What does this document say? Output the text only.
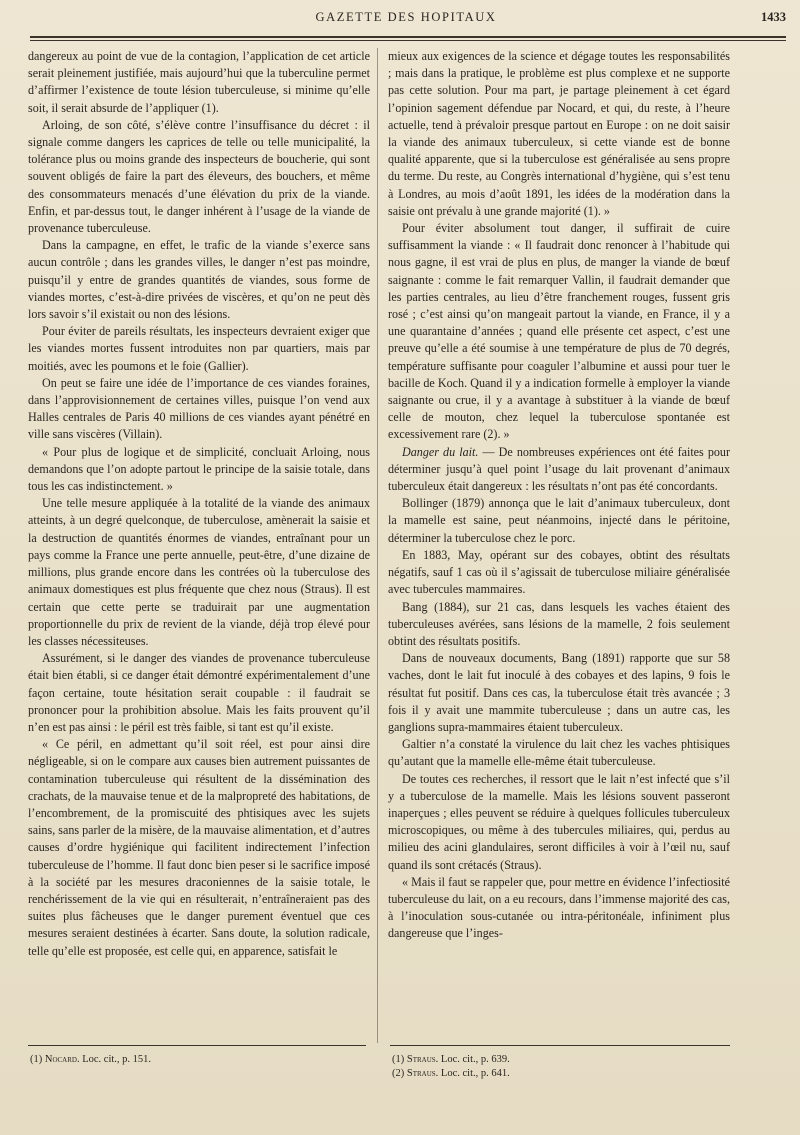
GAZETTE DES HOPITAUX	1433

dangereux au point de vue de la contagion, l’application de cet article serait pleinement justifiée, mais aujourd’hui que la tuberculine permet d’affirmer l’existence de toute lésion tuberculeuse, si minime qu’elle soit, il serait absurde de l’appliquer (1).

Arloing, de son côté, s’élève contre l’insuffisance du décret : il signale comme dangers les caprices de telle ou telle municipalité, la tolérance plus ou moins grande des inspecteurs de boucherie, qui sont souvent obligés de faire la part des éleveurs, des bouchers, et même des consommateurs menacés d’une élévation du prix de la viande. Enfin, et par-dessus tout, le danger inhérent à l’usage de la viande de provenance tuberculeuse.

Dans la campagne, en effet, le trafic de la viande s’exerce sans aucun contrôle ; dans les grandes villes, le danger n’est pas moindre, puisqu’il y entre de grandes quantités de viandes, sous forme de viandes mortes, c’est-à-dire privées de viscères, et qu’on ne peut dès lors savoir s’il existait ou non des lésions.

Pour éviter de pareils résultats, les inspecteurs devraient exiger que les viandes mortes fussent introduites non par quartiers, mais par moitiés, avec les poumons et le foie (Gallier).

On peut se faire une idée de l’importance de ces viandes foraines, dans l’approvisionnement de certaines villes, puisque l’on vend aux Halles centrales de Paris 40 millions de ces viandes ayant pénétré en ville sans viscères (Villain).

« Pour plus de logique et de simplicité, concluait Arloing, nous demandons que l’on adopte partout le principe de la saisie totale, dans tous les cas indistinctement. »

Une telle mesure appliquée à la totalité de la viande des animaux atteints, à un degré quelconque, de tuberculose, amènerait la saisie et la destruction de quantités énormes de viandes, entraînant pour un pays comme la France une perte annuelle, peut-être, d’une dizaine de millions, plus grande encore dans les contrées où la tuberculose des animaux domestiques est plus fréquente que chez nous (Straus). Il est certain que cette perte se traduirait par une augmentation proportionnelle du prix de revient de la viande, déjà trop élevé pour les classes nécessiteuses.

Assurément, si le danger des viandes de provenance tuberculeuse était bien établi, si ce danger était démontré expérimentalement d’une façon certaine, toute hésitation serait coupable : il faudrait se prononcer pour la prohibition absolue. Mais les faits prouvent qu’il n’en est pas ainsi : le péril est très faible, si tant est qu’il existe.

« Ce péril, en admettant qu’il soit réel, est pour ainsi dire négligeable, si on le compare aux causes bien autrement puissantes de contamination tuberculeuse qui résultent de la dissémination des crachats, de la mauvaise tenue et de la malpropreté des habitations, de l’encombrement, de la promiscuité des phtisiques avec les sujets sains, sans parler de la misère, de la mauvaise alimentation, et d’autres causes d’ordre hygiénique qui facilitent indirectement l’infection tuberculeuse de l’homme. Il faut donc bien peser si le sacrifice imposé à la société par les mesures draconiennes de la saisie totale, le renchérissement de la vie qui en résulterait, n’entraîneraient pas des suites plus fâcheuses que le danger purement éventuel que ces mesures seraient destinées à écarter. Sans doute, la solution radicale, telle qu’elle est proposée, est celle qui, en apparence, satisfait le

mieux aux exigences de la science et dégage toutes les responsabilités ; mais dans la pratique, le problème est plus complexe et ne supporte pas cette solution. Pour ma part, je partage pleinement à cet égard l’opinion sagement défendue par Nocard, et qui, du reste, à l’heure actuelle, tend à prévaloir presque partout en Europe : on ne doit saisir la viande des animaux tuberculeux, si cette viande est de bonne qualité apparente, que si la tuberculose est généralisée au sens propre du terme. Du reste, au Congrès international d’hygiène, qui s’est tenu à Londres, au mois d’août 1891, les idées de la modération dans la saisie ont prévalu à une grande majorité (1). »

Pour éviter absolument tout danger, il suffirait de cuire suffisamment la viande : « Il faudrait donc renoncer à l’habitude qui nous gagne, il est vrai de plus en plus, de manger la viande de bœuf saignante : comme le fait remarquer Vallin, il faudrait demander que les parties centrales, au lieu d’être franchement rouges, fussent gris rosé ; c’est ainsi qu’on mangeait partout la viande, en France, il y a une quarantaine d’années ; quand elle présente cet aspect, c’est une preuve qu’elle a été soumise à une température de plus de 70 degrés, température suffisante pour coaguler l’albumine et aussi pour tuer le bacille de Koch. Quand il y a indication formelle à employer la viande saignante ou crue, il y a avantage à substituer à la viande de bœuf celle de mouton, chez lequel la tuberculose spontanée est excessivement rare (2). »

Danger du lait. — De nombreuses expériences ont été faites pour déterminer jusqu’à quel point l’usage du lait provenant d’animaux tuberculeux était dangereux : les résultats n’ont pas été concordants.

Bollinger (1879) annonça que le lait d’animaux tuberculeux, dont la mamelle est saine, peut néanmoins, injecté dans le péritoine, déterminer la tuberculose chez le porc.

En 1883, May, opérant sur des cobayes, obtint des résultats négatifs, sauf 1 cas où il s’agissait de tuberculose miliaire généralisée avec tubercules mammaires.

Bang (1884), sur 21 cas, dans lesquels les vaches étaient des tuberculeuses avérées, sans lésions de la mamelle, 2 fois seulement obtint des résultats positifs.

Dans de nouveaux documents, Bang (1891) rapporte que sur 58 vaches, dont le lait fut inoculé à des cobayes et des lapins, 9 fois le résultat fut positif. Dans ces cas, la tuberculose était très avancée ; 3 fois il y avait une mammite tuberculeuse ; dans un autre cas, les ganglions supra-mammaires étaient tuberculeux.

Galtier n’a constaté la virulence du lait chez les vaches phtisiques qu’autant que la mamelle elle-même était tuberculeuse.

De toutes ces recherches, il ressort que le lait n’est infecté que s’il y a tuberculose de la mamelle. Mais les lésions souvent passeront inaperçues ; elles peuvent se réduire à quelques follicules tuberculeux microscopiques, ou même à des tubercules miliaires, qui, perdus au milieu des acini glandulaires, seront difficiles à voir à l’œil nu, sauf quand ils sont crétacés (Straus).

« Mais il faut se rappeler que, pour mettre en évidence l’infectiosité tuberculeuse du lait, on a eu recours, dans l’immense majorité des cas, à l’inoculation sous-cutanée ou intra-péritonéale, infiniment plus dangereuse que l’inges-

(1) Nocard. Loc. cit., p. 151.	(1) Straus. Loc. cit., p. 639.
(2) Straus. Loc. cit., p. 641.
